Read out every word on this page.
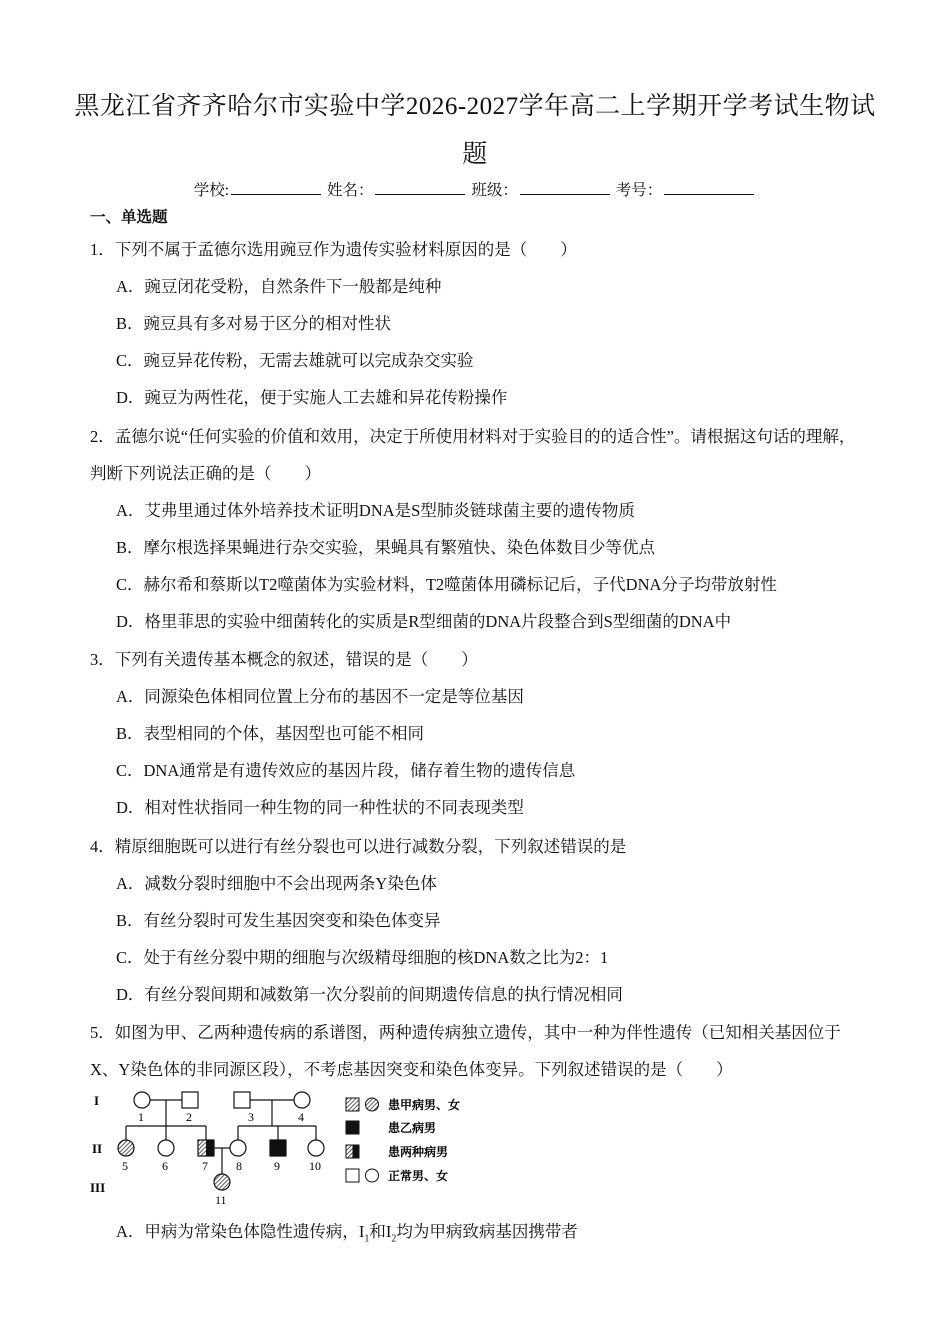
黑龙江省齐齐哈尔市实验中学2026-2027学年高二上学期开学考试生物试
题
学校:	姓名：	班级：	考号：
一、单选题
1．下列不属于孟德尔选用豌豆作为遗传实验材料原因的是（　　）
A．豌豆闭花受粉，自然条件下一般都是纯种
B．豌豆具有多对易于区分的相对性状
C．豌豆异花传粉，无需去雄就可以完成杂交实验
D．豌豆为两性花，便于实施人工去雄和异花传粉操作
2．孟德尔说“任何实验的价值和效用，决定于所使用材料对于实验目的的适合性”。请根据这句话的理解，
判断下列说法正确的是（　　）
A．艾弗里通过体外培养技术证明DNA是S型肺炎链球菌主要的遗传物质
B．摩尔根选择果蝇进行杂交实验，果蝇具有繁殖快、染色体数目少等优点
C．赫尔希和蔡斯以T2噬菌体为实验材料，T2噬菌体用磷标记后，子代DNA分子均带放射性
D．格里菲思的实验中细菌转化的实质是R型细菌的DNA片段整合到S型细菌的DNA中
3．下列有关遗传基本概念的叙述，错误的是（　　）
A．同源染色体相同位置上分布的基因不一定是等位基因
B．表型相同的个体，基因型也可能不相同
C．DNA通常是有遗传效应的基因片段，储存着生物的遗传信息
D．相对性状指同一种生物的同一种性状的不同表现类型
4．精原细胞既可以进行有丝分裂也可以进行减数分裂，下列叙述错误的是
A．减数分裂时细胞中不会出现两条Y染色体
B．有丝分裂时可发生基因突变和染色体变异
C．处于有丝分裂中期的细胞与次级精母细胞的核DNA数之比为2：1
D．有丝分裂间期和减数第一次分裂前的间期遗传信息的执行情况相同
5．如图为甲、乙两种遗传病的系谱图，两种遗传病独立遗传，其中一种为伴性遗传（已知相关基因位于
X、Y染色体的非同源区段），不考虑基因突变和染色体变异。下列叙述错误的是（　　）
I
II
III
1	2	3	4
5	6	7 8	9 10
11
患甲病男、女
患乙病男
患两种病男
正常男、女
A．甲病为常染色体隐性遗传病，$I_1$和$I_2$均为甲病致病基因携带者
